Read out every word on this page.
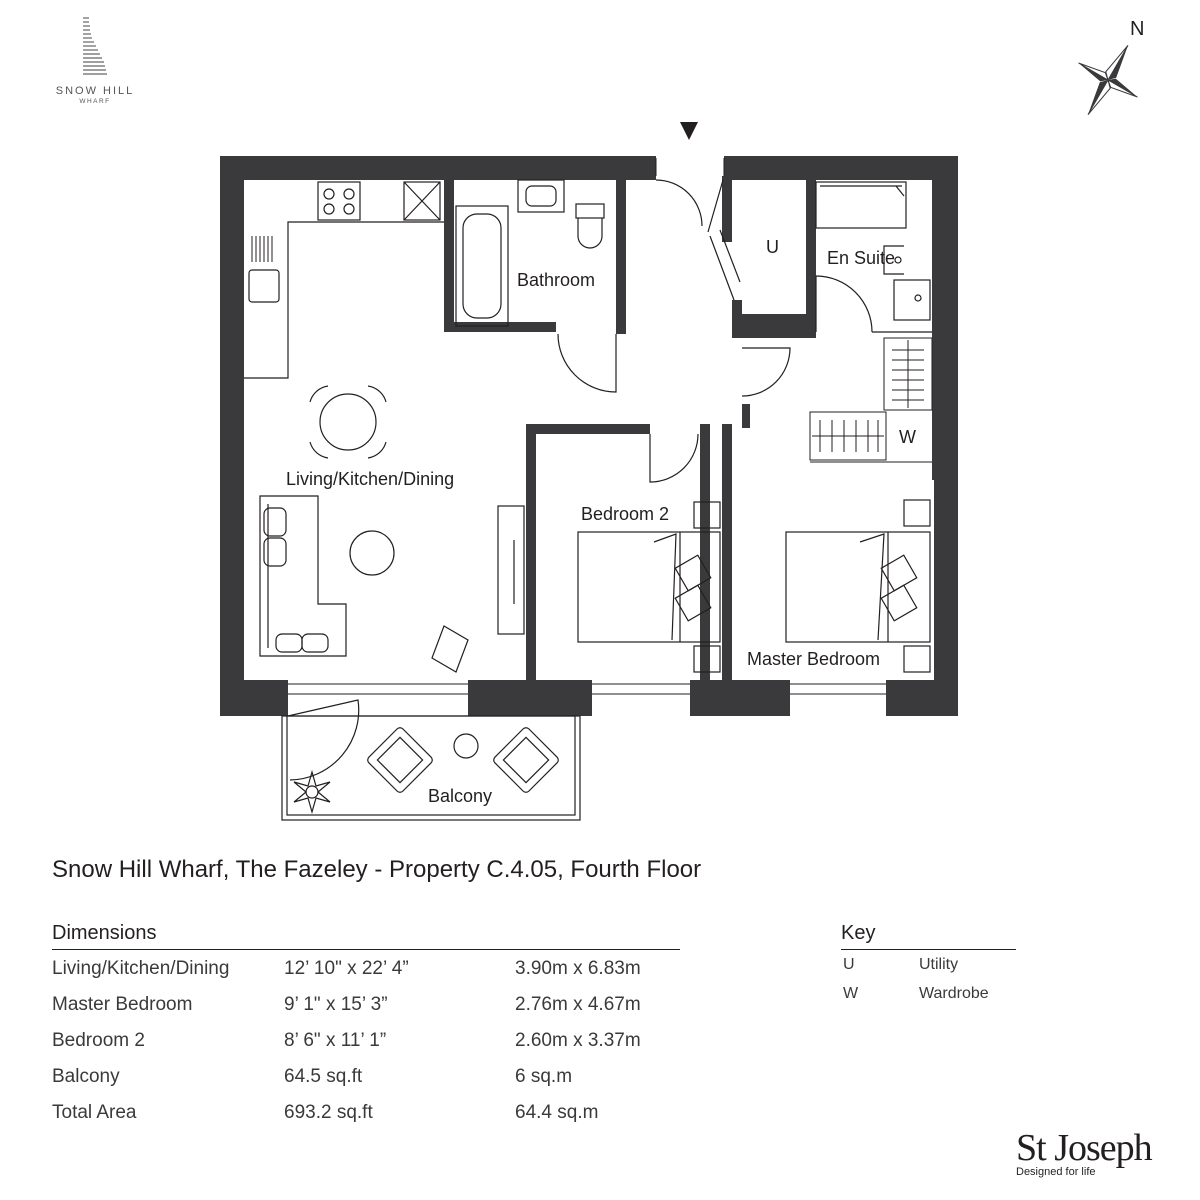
SNOW HILL
WHARF
N
Living/Kitchen/Dining
Bathroom
U
En Suite
W
Bedroom 2
Master Bedroom
Balcony
Snow Hill Wharf, The Fazeley - Property C.4.05, Fourth Floor
Dimensions
Living/Kitchen/Dining	12’ 10" x 22’ 4”	3.90m x 6.83m
Master Bedroom	9’ 1" x 15’ 3”	2.76m x 4.67m
Bedroom 2	8’ 6" x 11’ 1”	2.60m x 3.37m
Balcony	64.5 sq.ft	6 sq.m
Total Area	693.2 sq.ft	64.4 sq.m
Key
U	Utility
W	Wardrobe
St Joseph
Designed for life
